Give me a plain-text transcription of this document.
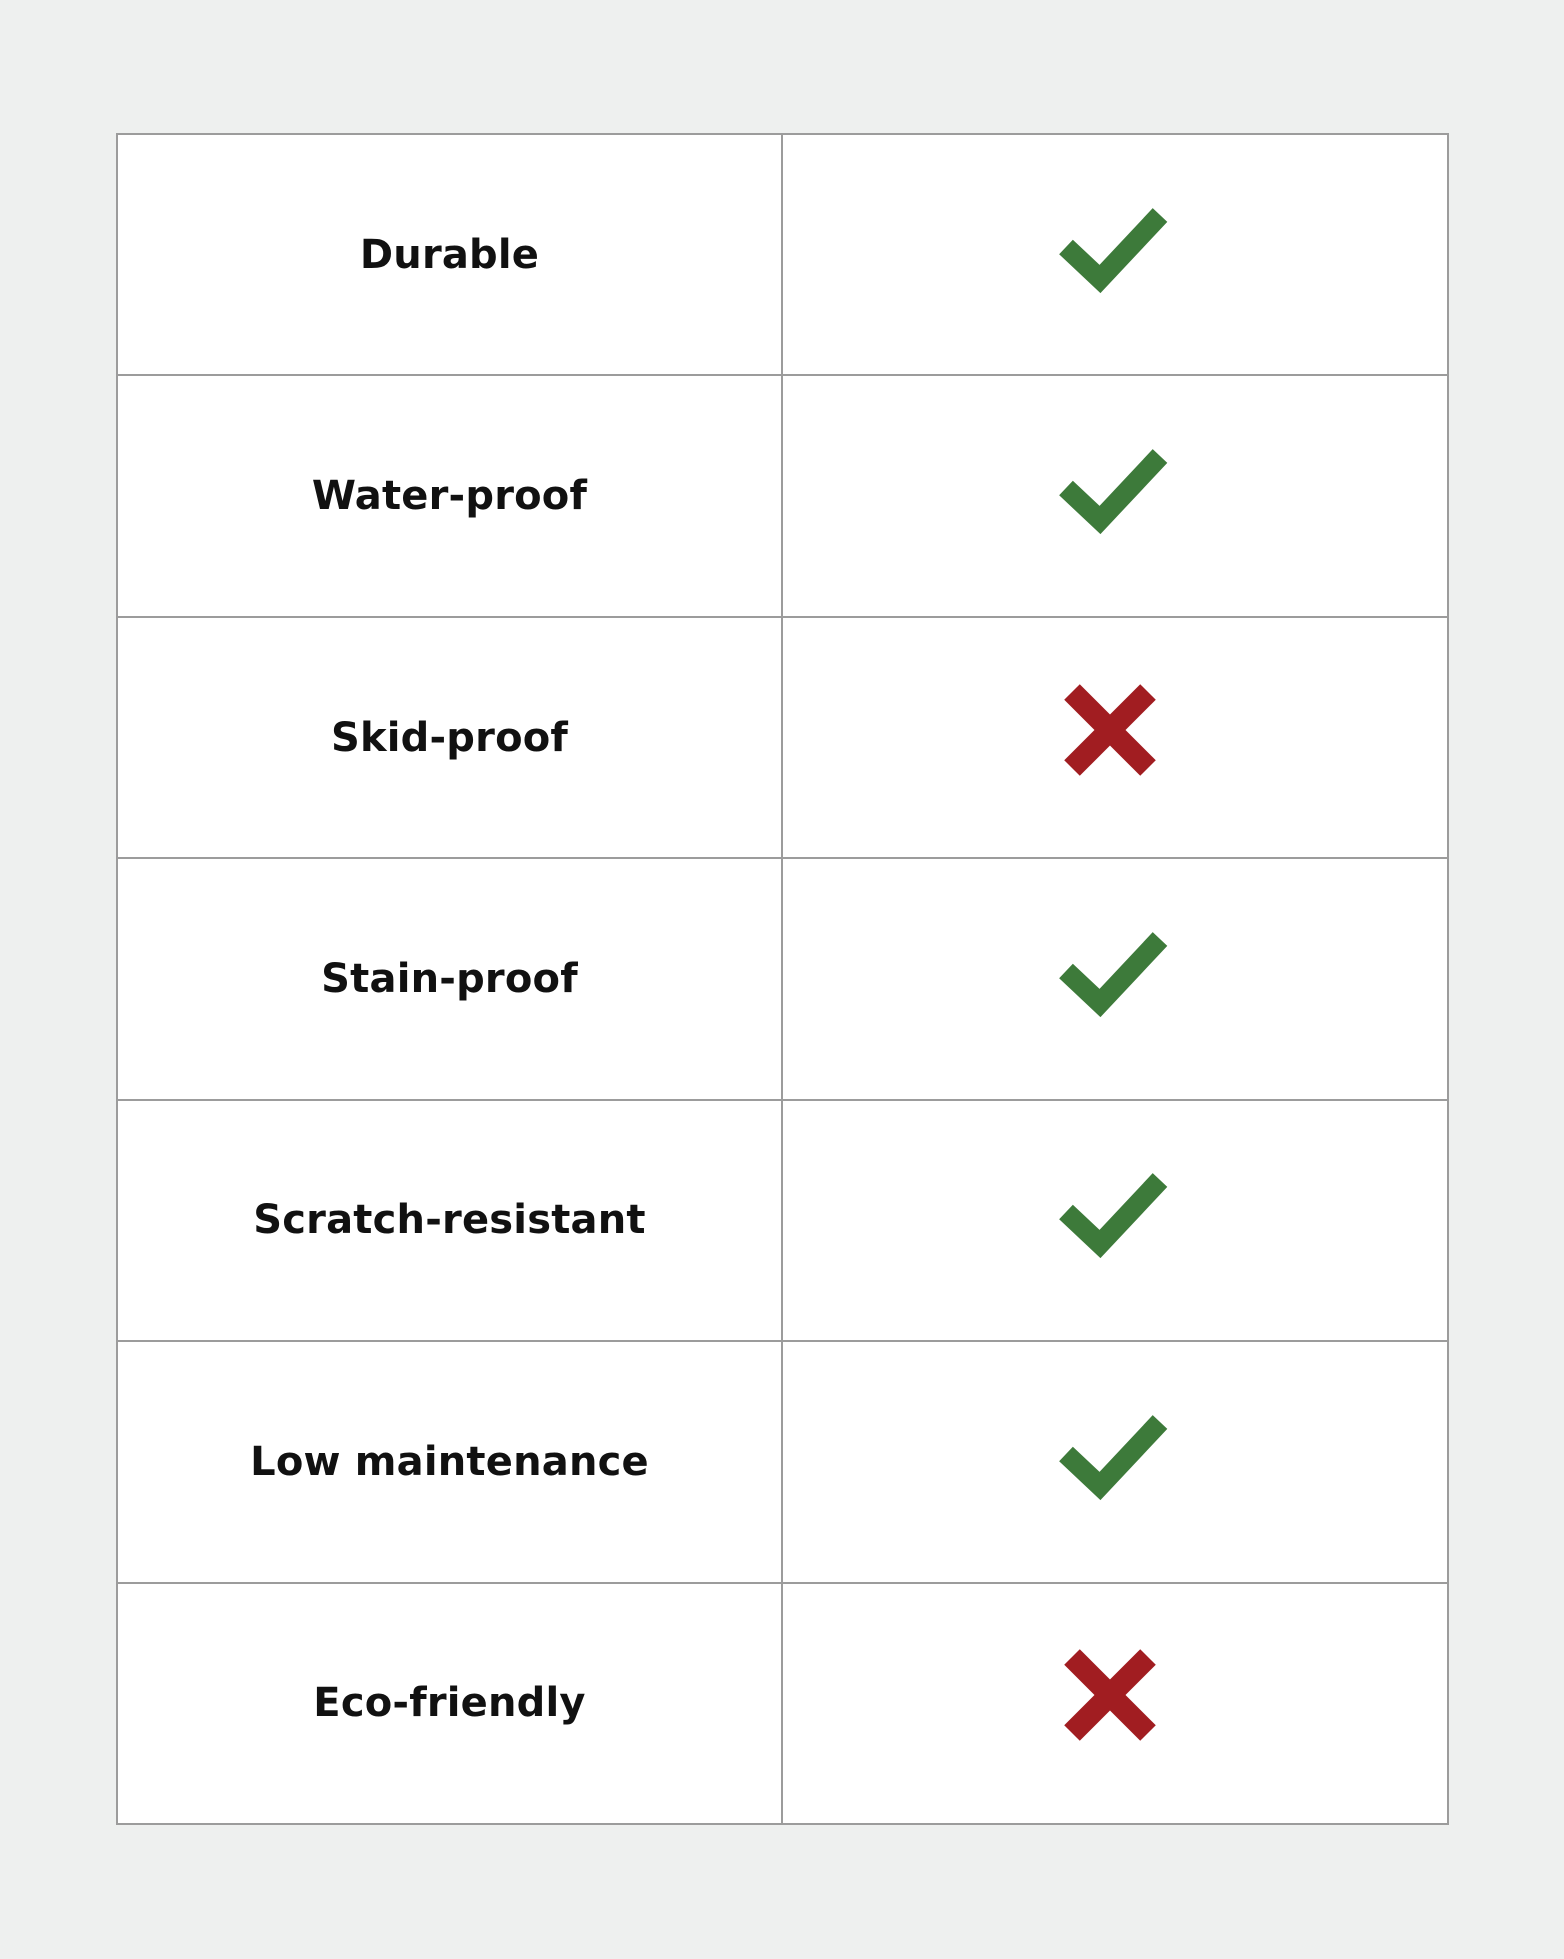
Durable
Water-proof
Skid-proof
Stain-proof
Scratch-resistant
Low maintenance
Eco-friendly
